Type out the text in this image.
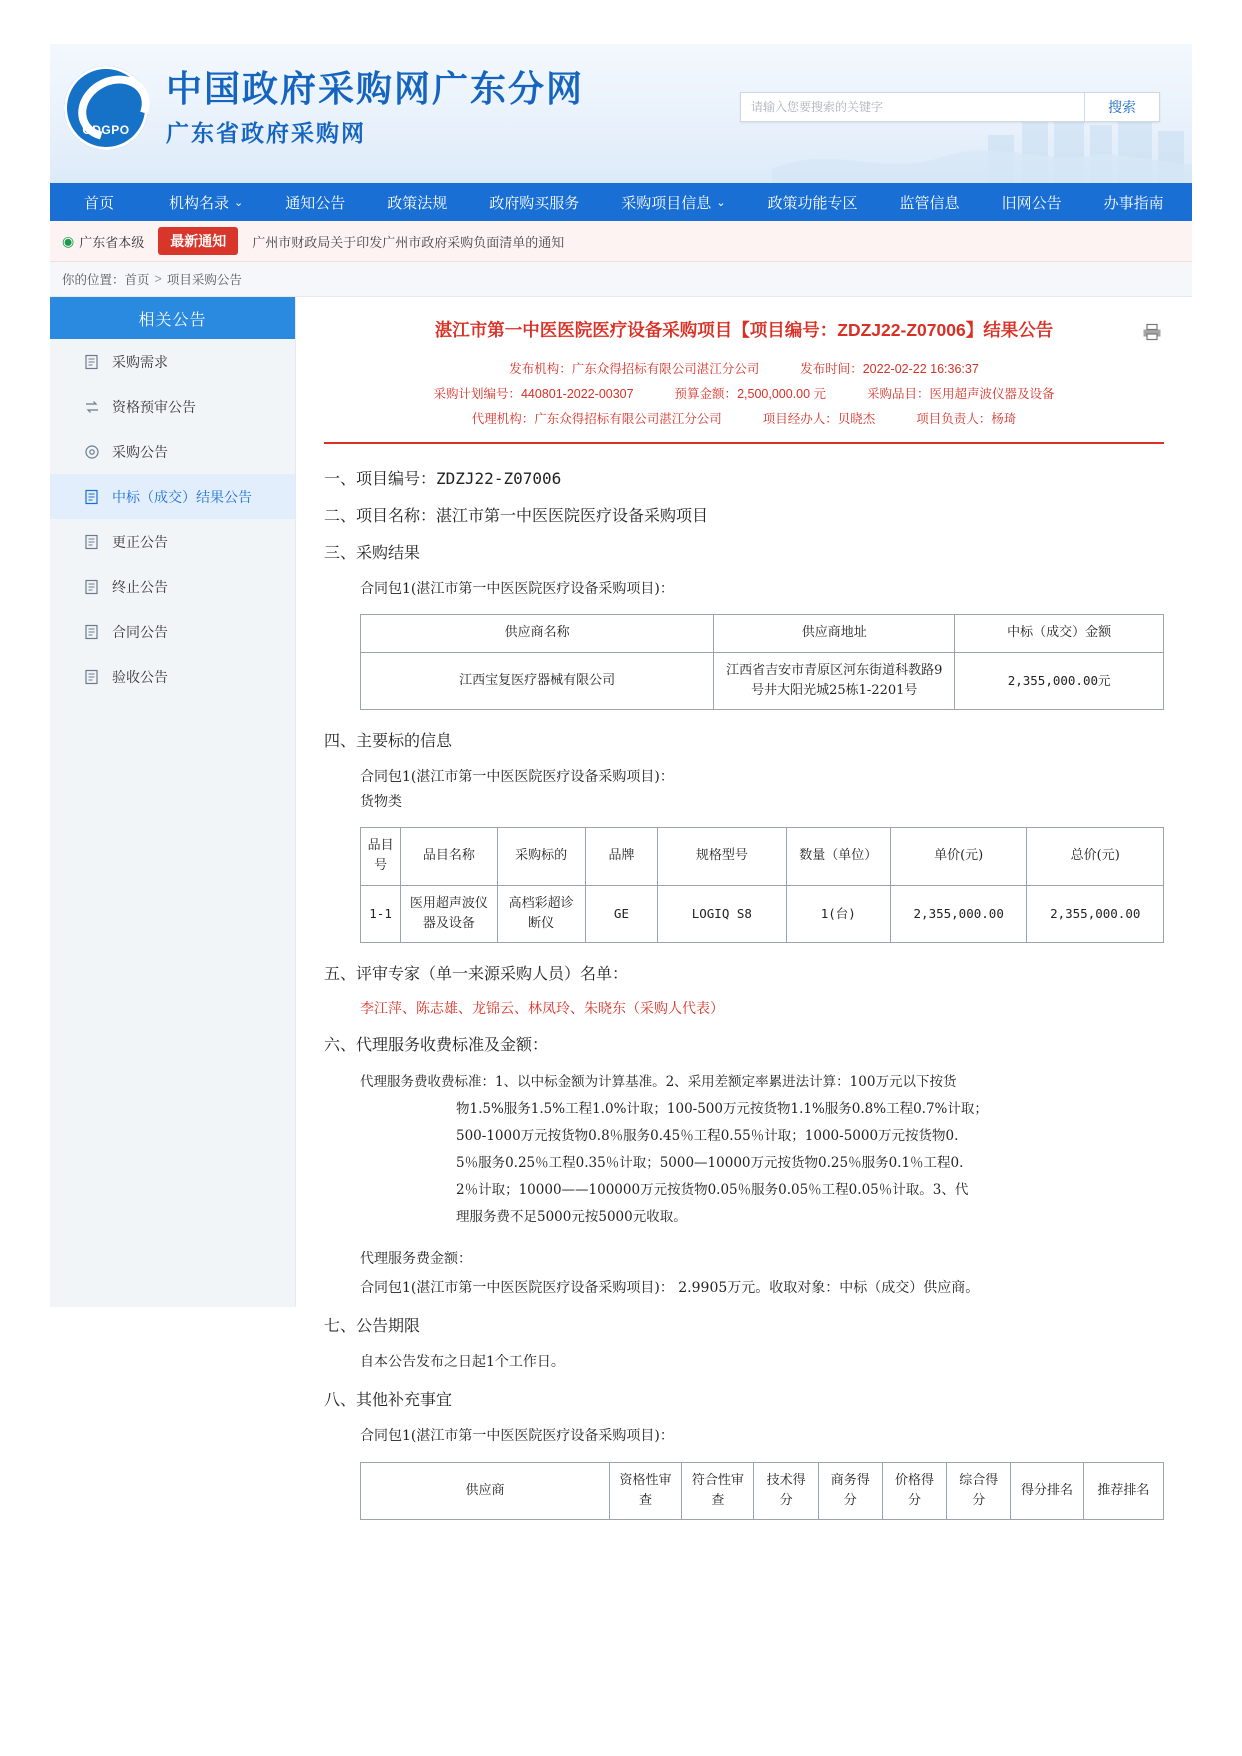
GDGPO
中国政府采购网广东分网
广东省政府采购网
请输入您要搜索的关键字
搜索
首页	机构名录 ⌄	通知公告	政策法规	政府购买服务	采购项目信息 ⌄	政策功能专区	监管信息	旧网公告	办事指南
◉ 广东省本级	最新通知	广州市财政局关于印发广州市政府采购负面清单的通知
你的位置： 首页 > 项目采购公告
相关公告
采购需求
资格预审公告
采购公告
中标（成交）结果公告
更正公告
终止公告
合同公告
验收公告
湛江市第一中医医院医疗设备采购项目【项目编号：ZDZJ22-Z07006】结果公告
发布机构：广东众得招标有限公司湛江分公司	发布时间：2022-02-22 16:36:37
采购计划编号：440801-2022-00307	预算金额：2,500,000.00 元	采购品目：医用超声波仪器及设备
代理机构：广东众得招标有限公司湛江分公司	项目经办人：贝晓杰	项目负责人：杨琦
一、项目编号：ZDZJ22-Z07006
二、项目名称：湛江市第一中医医院医疗设备采购项目
三、采购结果
合同包1(湛江市第一中医医院医疗设备采购项目)：
供应商名称	供应商地址	中标（成交）金额
江西宝复医疗器械有限公司	江西省吉安市青原区河东街道科教路9号井大阳光城25栋1-2201号	2,355,000.00元
四、主要标的信息
合同包1(湛江市第一中医医院医疗设备采购项目)：
货物类
品目号	品目名称	采购标的	品牌	规格型号	数量（单位）	单价(元)	总价(元)
1-1	医用超声波仪器及设备	高档彩超诊断仪	GE	LOGIQ S8	1(台)	2,355,000.00	2,355,000.00
五、评审专家（单一来源采购人员）名单：
李江萍、陈志雄、龙锦云、林凤玲、朱晓东（采购人代表）
六、代理服务收费标准及金额：
代理服务费收费标准：1、以中标金额为计算基准。2、采用差额定率累进法计算：100万元以下按货
物1.5%服务1.5%工程1.0%计取；100-500万元按货物1.1%服务0.8%工程0.7%计取；
500-1000万元按货物0.8％服务0.45％工程0.55％计取；1000-5000万元按货物0.
5％服务0.25％工程0.35％计取；5000—10000万元按货物0.25％服务0.1％工程0.
2％计取；10000——100000万元按货物0.05％服务0.05％工程0.05％计取。3、代
理服务费不足5000元按5000元收取。
代理服务费金额：
合同包1(湛江市第一中医医院医疗设备采购项目)： 2.9905万元。收取对象：中标（成交）供应商。
七、公告期限
自本公告发布之日起1个工作日。
八、其他补充事宜
合同包1(湛江市第一中医医院医疗设备采购项目)：
供应商	资格性审查	符合性审查	技术得分	商务得分	价格得分	综合得分	得分排名	推荐排名
